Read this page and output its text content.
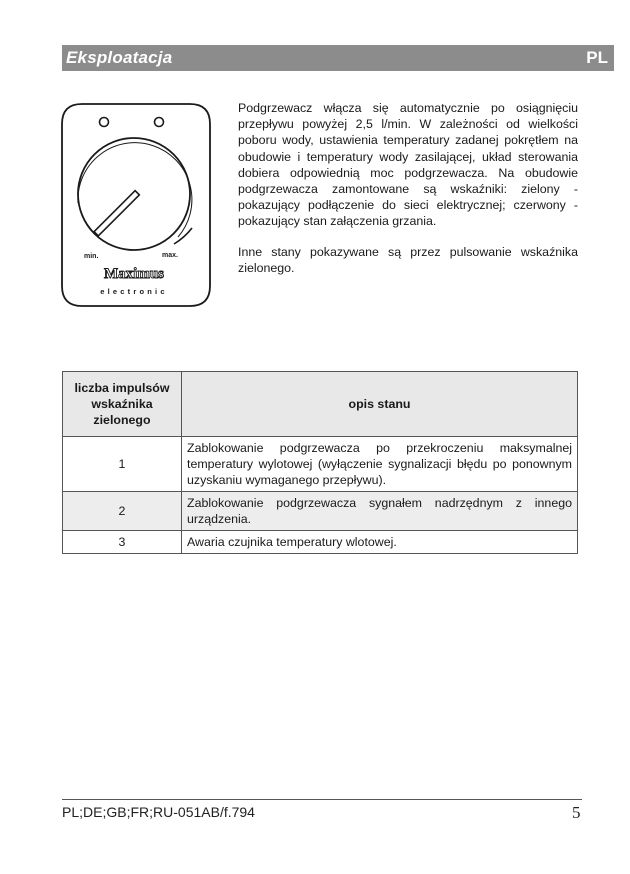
Eksploatacja	PL
min.	max.
Maximus
electronic

Podgrzewacz włącza się automatycznie po osiągnięciu przepływu powyżej 2,5 l/min. W zależności od wielkości poboru wody, ustawienia temperatury zadanej pokrętłem na obudowie i temperatury wody zasilającej, układ sterowania dobiera odpowiednią moc podgrzewacza. Na obudowie podgrzewacza zamontowane są wskaźniki: zielony - pokazujący podłączenie do sieci elektrycznej; czerwony - pokazujący stan załączenia grzania.

Inne stany pokazywane są przez pulsowanie wskaźnika zielonego.

liczba impulsów wskaźnika zielonego	opis stanu
1	Zablokowanie podgrzewacza po przekroczeniu maksymalnej temperatury wylotowej (wyłączenie sygnalizacji błędu po ponownym uzyskaniu wymaganego przepływu).
2	Zablokowanie podgrzewacza sygnałem nadrzędnym z innego urządzenia.
3	Awaria czujnika temperatury wlotowej.
PL;DE;GB;FR;RU-051AB/f.794	5
